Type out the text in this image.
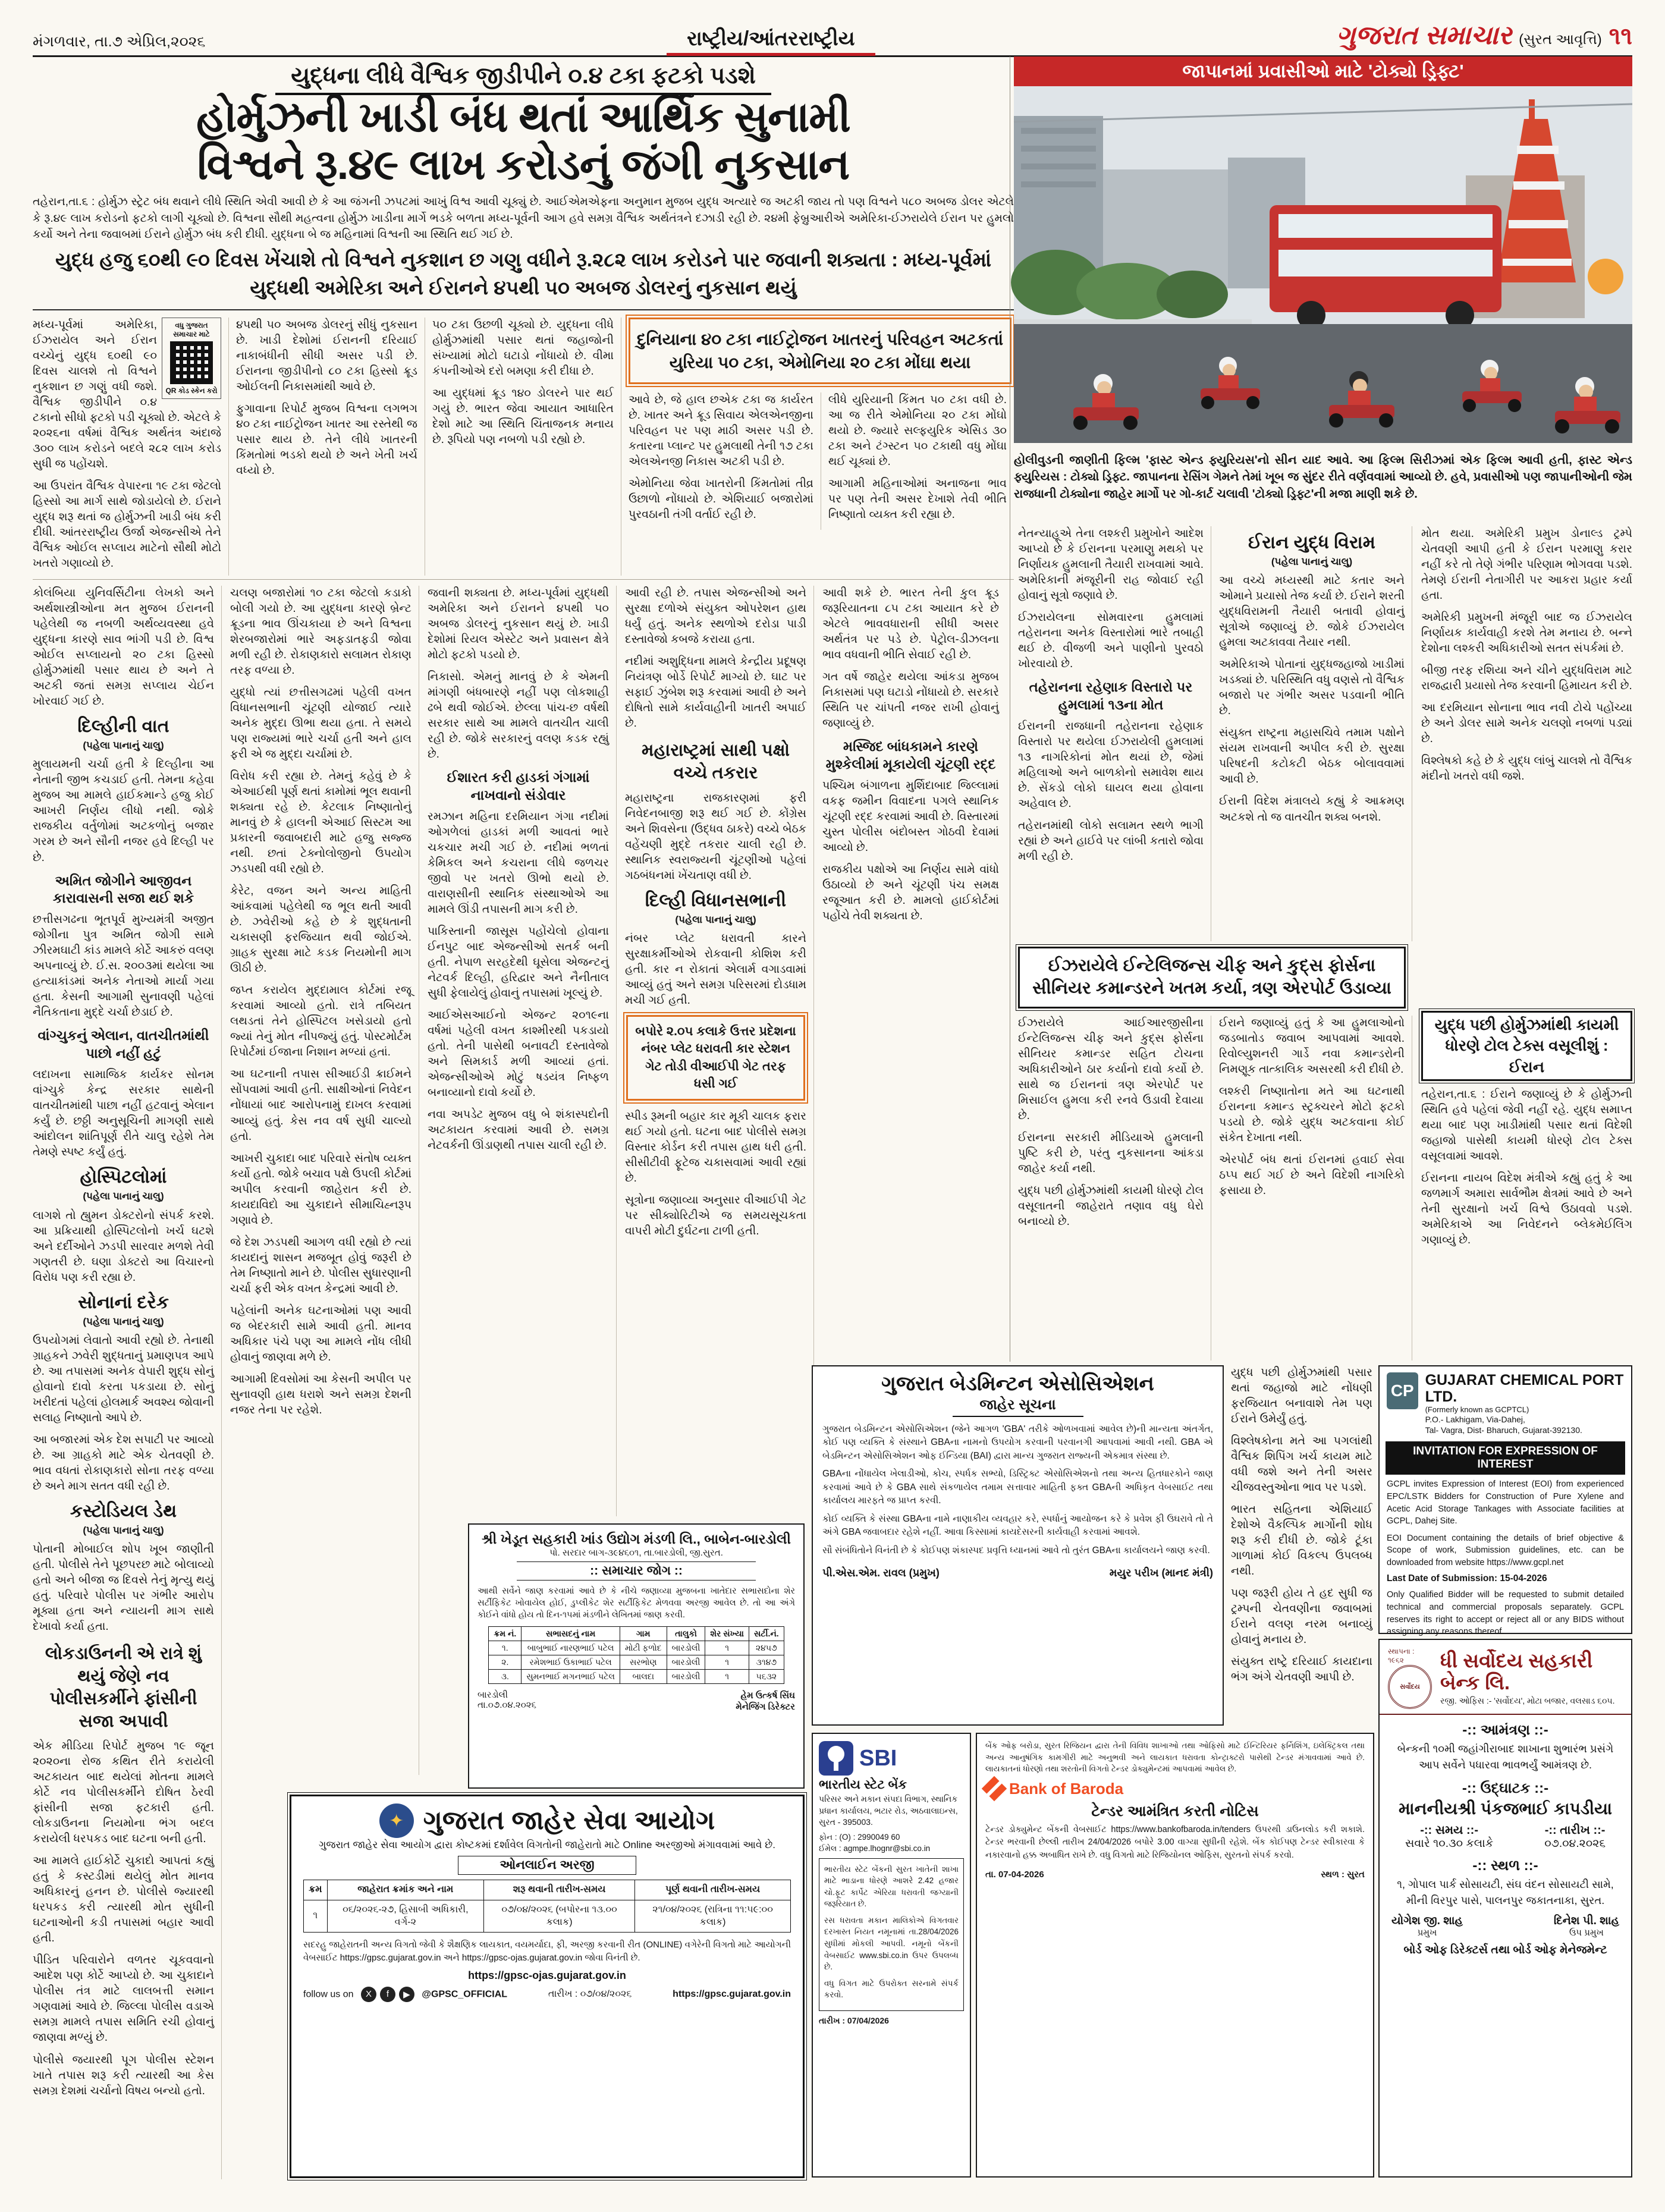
મંગળવાર, તા.૭ એપ્રિલ,૨૦૨૬	રાષ્ટ્રીય/આંતરરાષ્ટ્રીય	ગુજરાત સમાચાર (સુરત આવૃત્તિ) ૧૧
યુદ્ધના લીધે વૈશ્વિક જીડીપીને ૦.૪ ટકા ફટકો પડશે
હોર્મુઝની ખાડી બંધ થતાં આર્થિક સુનામી
વિશ્વને રૂ.૪૯ લાખ કરોડનું જંગી નુકસાન
તહેરાન,તા.૬ : હોર્મુઝ સ્ટ્રેટ બંધ થવાને લીધે સ્થિતિ એવી આવી છે કે આ જંગની ઝપટમાં આખું વિશ્વ આવી ચૂક્યું છે. આઈએમએફના અનુમાન મુજબ યુદ્ધ અત્યારે જ અટકી જાય તો પણ વિશ્વને ૫૮૦ અબજ ડોલર એટલે કે રૂ.૪૯ લાખ કરોડનો ફટકો લાગી ચૂક્યો છે. વિશ્વના સૌથી મહત્વના હોર્મુઝ ખાડીના માર્ગે ભડકે બળતા મધ્ય-પૂર્વની આગ હવે સમગ્ર વૈશ્વિક અર્થતંત્રને દઝાડી રહી છે. ૨૪મી ફેબ્રુઆરીએ અમેરિકા-ઈઝરાયેલે ઈરાન પર હુમલો કર્યો અને તેના જવાબમાં ઈરાને હોર્મુઝ બંધ કરી દીધી. યુદ્ધના બે જ મહિનામાં વિશ્વની આ સ્થિતિ થઈ ગઈ છે.
યુદ્ધ હજુ ૬૦થી ૯૦ દિવસ ખેંચાશે તો વિશ્વને નુકશાન છ ગણુ વધીને રૂ.૨૮૨ લાખ કરોડને પાર જવાની શક્યતા : મધ્ય-પૂર્વમાં યુદ્ધથી અમેરિકા અને ઈરાનને ૪૫થી ૫૦ અબજ ડોલરનું નુકસાન થયું
વધુ ગુજરાત સમાચાર માટે
QR કોડ સ્કેન કરો

મધ્ય-પૂર્વમાં અમેરિકા, ઈઝરાયેલ અને ઈરાન વચ્ચેનું યુદ્ધ ૬૦થી ૯૦ દિવસ ચાલશે તો વિશ્વને નુકશાન છ ગણું વધી જશે. વૈશ્વિક જીડીપીને ૦.૪ ટકાનો સીધો ફટકો પડી ચૂક્યો છે. એટલે કે ૨૦૨૬ના વર્ષમાં વૈશ્વિક અર્થતંત્ર અંદાજે ૩૦૦ લાખ કરોડને બદલે ૨૮૨ લાખ કરોડ સુધી જ પહોંચશે.

આ ઉપરાંત વૈશ્વિક વેપારના ૧૯ ટકા જેટલો હિસ્સો આ માર્ગ સાથે જોડાયેલો છે. ઈરાને યુદ્ધ શરૂ થતાં જ હોર્મુઝની ખાડી બંધ કરી દીધી. આંતરરાષ્ટ્રીય ઉર્જા એજન્સીએ તેને વૈશ્વિક ઓઈલ સપ્લાય માટેનો સૌથી મોટો ખતરો ગણાવ્યો છે.

૪૫થી ૫૦ અબજ ડોલરનું સીધું નુકસાન છે. ખાડી દેશોમાં ઈરાનની દરિયાઈ નાકાબંધીની સીધી અસર પડી છે. ઈરાનના જીડીપીનો ૮૦ ટકા હિસ્સો ક્રૂડ ઓઈલની નિકાસમાંથી આવે છે.

ફુગાવાના રિપોર્ટ મુજબ વિશ્વના લગભગ ૪૦ ટકા નાઈટ્રોજન ખાતર આ રસ્તેથી જ પસાર થાય છે. તેને લીધે ખાતરની કિંમતોમાં ભડકો થયો છે અને ખેતી ખર્ચ વધ્યો છે.

૫૦ ટકા ઉછળી ચૂક્યો છે. યુદ્ધના લીધે હોર્મુઝમાંથી પસાર થતાં જહાજોની સંખ્યામાં મોટો ઘટાડો નોંધાયો છે. વીમા કંપનીઓએ દરો બમણા કરી દીધા છે.

આ યુદ્ધમાં ક્રૂડ ૧૪૦ ડોલરને પાર થઈ ગયું છે. ભારત જેવા આયાત આધારિત દેશો માટે આ સ્થિતિ ચિંતાજનક મનાય છે. રૂપિયો પણ નબળો પડી રહ્યો છે.

દુનિયાના ૪૦ ટકા નાઈટ્રોજન ખાતરનું પરિવહન અટકતાં યુરિયા ૫૦ ટકા, એમોનિયા ૨૦ ટકા મોંઘા થયા

આવે છે, જે હાલ છએક ટકા જ કાર્યરત છે. ખાતર અને ક્રૂડ સિવાય એલએનજીના પરિવહન પર પણ માઠી અસર પડી છે. કતારના પ્લાન્ટ પર હુમલાથી તેની ૧૭ ટકા એલએનજી નિકાસ અટકી પડી છે.

એમોનિયા જેવા ખાતરોની કિંમતોમાં તીવ્ર ઉછાળો નોંધાયો છે. એશિયાઈ બજારોમાં પુરવઠાની તંગી વર્તાઈ રહી છે.

લીધે યુરિયાની કિંમત ૫૦ ટકા વધી છે. આ જ રીતે એમોનિયા ૨૦ ટકા મોંઘો થયો છે. જ્યારે સલ્ફયુરિક એસિડ ૩૦ ટકા અને ટંગ્સ્ટન ૫૦ ટકાથી વધુ મોંઘા થઈ ચૂક્યાં છે.

આગામી મહિનાઓમાં અનાજના ભાવ પર પણ તેની અસર દેખાશે તેવી ભીતિ નિષ્ણાતો વ્યક્ત કરી રહ્યા છે.

જાપાનમાં પ્રવાસીઓ માટે 'ટોક્યો ડ્રિફ્ટ'
હોલીવુડની જાણીતી ફિલ્મ 'ફાસ્ટ એન્ડ ફ્યુરિયસ'નો સીન યાદ આવે. આ ફિલ્મ સિરીઝમાં એક ફિલ્મ આવી હતી, ફાસ્ટ એન્ડ ફ્યુરિયસ : ટોક્યો ડ્રિફ્ટ. જાપાનના રેસિંગ ગેમને તેમાં ખૂબ જ સુંદર રીતે વર્ણવવામાં આવ્યો છે. હવે, પ્રવાસીઓ પણ જાપાનીઓની જેમ રાજધાની ટોક્યોના જાહેર માર્ગો પર ગો-કાર્ટ ચલાવી 'ટોક્યો ડ્રિફ્ટ'ની મજા માણી શકે છે.

કોલંબિયા યુનિવર્સિટીના લેખકો અને અર્થશાસ્ત્રીઓના મત મુજબ ઈરાનની પહેલેથી જ નબળી અર્થવ્યવસ્થા હવે યુદ્ધના કારણે સાવ ભાંગી પડી છે. વિશ્વ ઓઈલ સપ્લાયનો ૨૦ ટકા હિસ્સો હોર્મુઝમાંથી પસાર થાય છે અને તે અટકી જતાં સમગ્ર સપ્લાય ચેઈન ખોરવાઈ ગઈ છે.

દિલ્હીની વાત
(પહેલા પાનાનું ચાલુ)

મુલાયમની ચર્ચા હતી કે દિલ્હીના આ નેતાની જીભ કચડાઈ હતી. તેમના કહેવા મુજબ આ મામલે હાઈકમાન્ડે હજુ કોઈ આખરી નિર્ણય લીધો નથી. જોકે રાજકીય વર્તુળોમાં અટકળોનું બજાર ગરમ છે અને સૌની નજર હવે દિલ્હી પર છે.

અમિત જોગીને આજીવન કારાવાસની સજા થઈ શકે

છત્તીસગઢના ભૂતપૂર્વ મુખ્યમંત્રી અજીત જોગીના પુત્ર અમિત જોગી સામે ઝીરમઘાટી કાંડ મામલે કોર્ટે આકરું વલણ અપનાવ્યું છે. ઈ.સ. ૨૦૦૩માં થયેલા આ હત્યાકાંડમાં અનેક નેતાઓ માર્યા ગયા હતા. કેસની આગામી સુનાવણી પહેલાં નૈતિકતાના મુદ્દે ચર્ચા છેડાઈ છે.

વાંગ્ચુકનું એલાન, વાતચીતમાંથી પાછો નહીં હટું

લદાખના સામાજિક કાર્યકર સોનમ વાંગ્ચુકે કેન્દ્ર સરકાર સાથેની વાતચીતમાંથી પાછા નહીં હટવાનું એલાન કર્યું છે. છઠ્ઠી અનુસૂચિની માગણી સાથે આંદોલન શાંતિપૂર્ણ રીતે ચાલુ રહેશે તેમ તેમણે સ્પષ્ટ કર્યું હતું.

હોસ્પિટલોમાં
(પહેલા પાનાનું ચાલુ)

લાગશે તો હ્યુમન ડોક્ટરોનો સંપર્ક કરશે. આ પ્રક્રિયાથી હોસ્પિટલોનો ખર્ચ ઘટશે અને દર્દીઓને ઝડપી સારવાર મળશે તેવી ગણતરી છે. ઘણા ડોક્ટરો આ વિચારનો વિરોધ પણ કરી રહ્યા છે.

સોનાનાં દરેક
(પહેલા પાનાનું ચાલુ)

ઉપયોગમાં લેવાતો આવી રહ્યો છે. તેનાથી ગ્રાહકને ઝવેરી શુદ્ધતાનું પ્રમાણપત્ર આપે છે. આ તપાસમાં અનેક વેપારી શુદ્ધ સોનું હોવાનો દાવો કરતા પકડાયા છે. સોનું ખરીદતાં પહેલાં હોલમાર્ક અવશ્ય જોવાની સલાહ નિષ્ણાતો આપે છે.

આ બજારમાં એક દેશ સપાટી પર આવ્યો છે. આ ગ્રાહકો માટે એક ચેતવણી છે. ભાવ વધતાં રોકાણકારો સોના તરફ વળ્યા છે અને માગ સતત વધી રહી છે.

કસ્ટોડિયલ ડેથ
(પહેલા પાનાનું ચાલુ)

પોતાની મોબાઈલ શોપ ખૂબ જાણીતી હતી. પોલીસે તેને પૂછપરછ માટે બોલાવ્યો હતો અને બીજા જ દિવસે તેનું મૃત્યુ થયું હતું. પરિવારે પોલીસ પર ગંભીર આરોપ મૂક્યા હતા અને ન્યાયની માગ સાથે દેખાવો કર્યા હતા.

લોકડાઉનની એ રાત્રે શું થયું જેણે નવ પોલીસકર્મીને ફાંસીની સજા અપાવી

એક મીડિયા રિપોર્ટ મુજબ ૧૯ જૂન ૨૦૨૦ના રોજ કથિત રીતે કરાયેલી અટકાયત બાદ થયેલાં મોતના મામલે કોર્ટે નવ પોલીસકર્મીને દોષિત ઠેરવી ફાંસીની સજા ફટકારી હતી. લોકડાઉનના નિયમોના ભંગ બદલ કરાયેલી ધરપકડ બાદ ઘટના બની હતી.

આ મામલે હાઈકોર્ટે ચુકાદો આપતાં કહ્યું હતું કે કસ્ટડીમાં થયેલું મોત માનવ અધિકારનું હનન છે. પોલીસે જ્યારથી ધરપકડ કરી ત્યારથી મોત સુધીની ઘટનાઓની કડી તપાસમાં બહાર આવી હતી.

પીડિત પરિવારોને વળતર ચૂકવવાનો આદેશ પણ કોર્ટે આપ્યો છે. આ ચુકાદાને પોલીસ તંત્ર માટે લાલબત્તી સમાન ગણવામાં આવે છે. જિલ્લા પોલીસ વડાએ સમગ્ર મામલે તપાસ સમિતિ રચી હોવાનું જાણવા મળ્યું છે.

પોલીસે જયારથી પૂગ પોલીસ સ્ટેશન ખાતે તપાસ શરૂ કરી ત્યારથી આ કેસ સમગ્ર દેશમાં ચર્ચાનો વિષય બન્યો હતો.

ચલણ બજારોમાં ૧૦ ટકા જેટલો કડાકો બોલી ગયો છે. આ યુદ્ધના કારણે બ્રેન્ટ ક્રૂડના ભાવ ઊંચકાયા છે અને વિશ્વના શેરબજારોમાં ભારે અફડાતફડી જોવા મળી રહી છે. રોકાણકારો સલામત રોકાણ તરફ વળ્યા છે.

યુદ્ધો ત્યાં છત્તીસગઢમાં પહેલી વખત વિધાનસભાની ચૂંટણી યોજાઈ ત્યારે અનેક મુદ્દા ઊભા થયા હતા. તે સમયે પણ રાજ્યમાં ભારે ચર્ચા હતી અને હાલ ફરી એ જ મુદ્દા ચર્ચામાં છે.

વિરોધ કરી રહ્યા છે. તેમનું કહેવું છે કે એઆઈથી પૂર્ણ થતાં કામોમાં ભૂલ થવાની શક્યતા રહે છે. કેટલાક નિષ્ણાતોનું માનવું છે કે હાલની એઆઈ સિસ્ટમ આ પ્રકારની જવાબદારી માટે હજુ સજ્જ નથી. છતાં ટેક્નોલોજીનો ઉપયોગ ઝડપથી વધી રહ્યો છે.

કેરેટ, વજન અને અન્ય માહિતી આંકવામાં પહેલેથી જ ભૂલ થતી આવી છે. ઝવેરીઓ કહે છે કે શુદ્ધતાની ચકાસણી ફરજિયાત થવી જોઈએ. ગ્રાહક સુરક્ષા માટે કડક નિયમોની માગ ઊઠી છે.

જપ્ત કરાયેલ મુદ્દામાલ કોર્ટમાં રજૂ કરવામાં આવ્યો હતો. રાત્રે તબિયત લથડતાં તેને હોસ્પિટલ ખસેડાયો હતો જ્યાં તેનું મોત નીપજ્યું હતું. પોસ્ટમોર્ટમ રિપોર્ટમાં ઈજાના નિશાન મળ્યાં હતાં.

આ ઘટનાની તપાસ સીઆઈડી ક્રાઈમને સોંપવામાં આવી હતી. સાક્ષીઓનાં નિવેદન નોંધાયાં બાદ આરોપનામું દાખલ કરવામાં આવ્યું હતું. કેસ નવ વર્ષ સુધી ચાલ્યો હતો.

આખરી ચુકાદા બાદ પરિવારે સંતોષ વ્યક્ત કર્યો હતો. જોકે બચાવ પક્ષે ઉપલી કોર્ટમાં અપીલ કરવાની જાહેરાત કરી છે. કાયદાવિદો આ ચુકાદાને સીમાચિહ્નરૂપ ગણાવે છે.

જે દેશ ઝડપથી આગળ વધી રહ્યો છે ત્યાં કાયદાનું શાસન મજબૂત હોવું જરૂરી છે તેમ નિષ્ણાતો માને છે. પોલીસ સુધારણાની ચર્ચા ફરી એક વખત કેન્દ્રમાં આવી છે.

પહેલાંની અનેક ઘટનાઓમાં પણ આવી જ બેદરકારી સામે આવી હતી. માનવ અધિકાર પંચે પણ આ મામલે નોંધ લીધી હોવાનું જાણવા મળે છે.

આગામી દિવસોમાં આ કેસની અપીલ પર સુનાવણી હાથ ધરાશે અને સમગ્ર દેશની નજર તેના પર રહેશે.

જવાની શક્યતા છે. મધ્ય-પૂર્વમાં યુદ્ધથી અમેરિકા અને ઈરાનને ૪૫થી ૫૦ અબજ ડોલરનું નુકસાન થયું છે. ખાડી દેશોમાં રિયલ એસ્ટેટ અને પ્રવાસન ક્ષેત્રે મોટો ફટકો પડયો છે.

નિકાસો. એમનું માનવું છે કે એમની માંગણી બંધબારણે નહીં પણ લોકશાહી ઢબે થવી જોઈએ. છેલ્લા પાંચ-છ વર્ષથી સરકાર સાથે આ મામલે વાતચીત ચાલી રહી છે. જોકે સરકારનું વલણ કડક રહ્યું છે.

ઈશારત કરી હાડકાં ગંગામાં નાખવાનો સંડોવાર

રમઝાન મહિના દરમિયાન ગંગા નદીમાં ઓગળેલાં હાડકાં મળી આવતાં ભારે ચકચાર મચી ગઈ છે. નદીમાં ભળતાં કેમિકલ અને કચરાના લીધે જળચર જીવો પર ખતરો ઊભો થયો છે. વારાણસીની સ્થાનિક સંસ્થાઓએ આ મામલે ઊંડી તપાસની માગ કરી છે.

પાકિસ્તાની જાસૂસ પહોંચેલો હોવાના ઈનપુટ બાદ એજન્સીઓ સતર્ક બની હતી. નેપાળ સરહદેથી ઘૂસેલા એજન્ટનું નેટવર્ક દિલ્હી, હરિદ્વાર અને નૈનીતાલ સુધી ફેલાયેલું હોવાનું તપાસમાં ખૂલ્યું છે.

આઈએસઆઈનો એજન્ટ ૨૦૧૯ના વર્ષમાં પહેલી વખત કાશ્મીરથી પકડાયો હતો. તેની પાસેથી બનાવટી દસ્તાવેજો અને સિમકાર્ડ મળી આવ્યાં હતાં. એજન્સીઓએ મોટું ષડયંત્ર નિષ્ફળ બનાવ્યાનો દાવો કર્યો છે.

નવા અપડેટ મુજબ વધુ બે શંકાસ્પદોની અટકાયત કરવામાં આવી છે. સમગ્ર નેટવર્કની ઊંડાણથી તપાસ ચાલી રહી છે.

આવી રહી છે. તપાસ એજન્સીઓ અને સુરક્ષા દળોએ સંયુક્ત ઓપરેશન હાથ ધર્યું હતું. અનેક સ્થળોએ દરોડા પાડી દસ્તાવેજો કબજે કરાયા હતા.

નદીમાં અશુદ્ધિના મામલે કેન્દ્રીય પ્રદૂષણ નિયંત્રણ બોર્ડે રિપોર્ટ માગ્યો છે. ઘાટ પર સફાઈ ઝુંબેશ શરૂ કરવામાં આવી છે અને દોષિતો સામે કાર્યવાહીની ખાતરી અપાઈ છે.

મહારાષ્ટ્રમાં સાથી પક્ષો વચ્ચે તકરાર

મહારાષ્ટ્રના રાજકારણમાં ફરી નિવેદનબાજી શરૂ થઈ ગઈ છે. કોંગ્રેસ અને શિવસેના (ઉદ્ધવ ઠાકરે) વચ્ચે બેઠક વહેંચણી મુદ્દે તકરાર ચાલી રહી છે. સ્થાનિક સ્વરાજ્યની ચૂંટણીઓ પહેલાં ગઠબંધનમાં ખેંચતાણ વધી છે.

દિલ્હી વિધાનસભાની
(પહેલા પાનાનું ચાલુ)

નંબર પ્લેટ ધરાવતી કારને સુરક્ષાકર્મીઓએ રોકવાની કોશિશ કરી હતી. કાર ન રોકાતાં એલાર્મ વગાડવામાં આવ્યું હતું અને સમગ્ર પરિસરમાં દોડધામ મચી ગઈ હતી.

બપોરે ૨.૦૫ કલાકે ઉત્તર પ્રદેશના નંબર પ્લેટ ધરાવતી કાર સ્ટેશન ગેટ તોડી વીઆઈપી ગેટ તરફ ધસી ગઈ

સ્પીડ રૂમની બહાર કાર મૂકી ચાલક ફરાર થઈ ગયો હતો. ઘટના બાદ પોલીસે સમગ્ર વિસ્તાર કોર્ડન કરી તપાસ હાથ ધરી હતી. સીસીટીવી ફૂટેજ ચકાસવામાં આવી રહ્યાં છે.

સૂત્રોના જણાવ્યા અનુસાર વીઆઈપી ગેટ પર સીક્યોરિટીએ જ સમયસૂચકતા વાપરી મોટી દુર્ઘટના ટાળી હતી.

આવી શકે છે. ભારત તેની કુલ ક્રૂડ જરૂરિયાતના ૮૫ ટકા આયાત કરે છે એટલે ભાવવધારાની સીધી અસર અર્થતંત્ર પર પડે છે. પેટ્રોલ-ડીઝલના ભાવ વધવાની ભીતિ સેવાઈ રહી છે.

ગત વર્ષે જાહેર થયેલા આંકડા મુજબ નિકાસમાં પણ ઘટાડો નોંધાયો છે. સરકારે સ્થિતિ પર ચાંપતી નજર રાખી હોવાનું જણાવ્યું છે.

મસ્જિદ બાંધકામને કારણે મુશ્કેલીમાં મૂકાયેલી ચૂંટણી રદ્દ

પશ્ચિમ બંગાળના મુર્શિદાબાદ જિલ્લામાં વકફ જમીન વિવાદના પગલે સ્થાનિક ચૂંટણી રદ્દ કરવામાં આવી છે. વિસ્તારમાં ચુસ્ત પોલીસ બંદોબસ્ત ગોઠવી દેવામાં આવ્યો છે.

રાજકીય પક્ષોએ આ નિર્ણય સામે વાંધો ઉઠાવ્યો છે અને ચૂંટણી પંચ સમક્ષ રજૂઆત કરી છે. મામલો હાઈકોર્ટમાં પહોંચે તેવી શક્યતા છે.

નેતન્યાહૂએ તેના લશ્કરી પ્રમુખોને આદેશ આપ્યો છે કે ઈરાનના પરમાણુ મથકો પર નિર્ણાયક હુમલાની તૈયારી રાખવામાં આવે. અમેરિકાની મંજૂરીની રાહ જોવાઈ રહી હોવાનું સૂત્રો જણાવે છે.

ઈઝરાયેલના સોમવારના હુમલામાં તહેરાનના અનેક વિસ્તારોમાં ભારે તબાહી થઈ છે. વીજળી અને પાણીનો પુરવઠો ખોરવાયો છે.

તહેરાનના રહેણાક વિસ્તારો પર હુમલામાં ૧૩ના મોત

ઈરાનની રાજધાની તહેરાનના રહેણાક વિસ્તારો પર થયેલા ઈઝરાયેલી હુમલામાં ૧૩ નાગરિકોનાં મોત થયાં છે, જેમાં મહિલાઓ અને બાળકોનો સમાવેશ થાય છે. સેંકડો લોકો ઘાયલ થયા હોવાના અહેવાલ છે.

તહેરાનમાંથી લોકો સલામત સ્થળે ભાગી રહ્યાં છે અને હાઈવે પર લાંબી કતારો જોવા મળી રહી છે.

ઈરાન યુદ્ધ વિરામ
(પહેલા પાનાનું ચાલુ)

આ વચ્ચે મધ્યસ્થી માટે કતાર અને ઓમાને પ્રયાસો તેજ કર્યા છે. ઈરાને શરતી યુદ્ધવિરામની તૈયારી બતાવી હોવાનું સૂત્રોએ જણાવ્યું છે. જોકે ઈઝરાયેલ હુમલા અટકાવવા તૈયાર નથી.

અમેરિકાએ પોતાનાં યુદ્ધજહાજો ખાડીમાં ખડક્યાં છે. પરિસ્થિતિ વધુ વણસે તો વૈશ્વિક બજારો પર ગંભીર અસર પડવાની ભીતિ છે.

સંયુક્ત રાષ્ટ્રના મહાસચિવે તમામ પક્ષોને સંયમ રાખવાની અપીલ કરી છે. સુરક્ષા પરિષદની કટોકટી બેઠક બોલાવવામાં આવી છે.

ઈરાની વિદેશ મંત્રાલયે કહ્યું કે આક્રમણ અટકશે તો જ વાતચીત શક્ય બનશે.

મોત થયા. અમેરિકી પ્રમુખ ડોનાલ્ડ ટ્રમ્પે ચેતવણી આપી હતી કે ઈરાન પરમાણુ કરાર નહીં કરે તો તેણે ગંભીર પરિણામ ભોગવવા પડશે. તેમણે ઈરાની નેતાગીરી પર આકરા પ્રહાર કર્યા હતા.

અમેરિકી પ્રમુખની મંજૂરી બાદ જ ઈઝરાયેલ નિર્ણાયક કાર્યવાહી કરશે તેમ મનાય છે. બન્ને દેશોના લશ્કરી અધિકારીઓ સતત સંપર્કમાં છે.

બીજી તરફ રશિયા અને ચીને યુદ્ધવિરામ માટે રાજદ્વારી પ્રયાસો તેજ કરવાની હિમાયત કરી છે.

આ દરમિયાન સોનાના ભાવ નવી ટોચે પહોંચ્યા છે અને ડોલર સામે અનેક ચલણો નબળાં પડ્યાં છે.

વિશ્લેષકો કહે છે કે યુદ્ધ લાંબું ચાલશે તો વૈશ્વિક મંદીનો ખતરો વધી જશે.

ઈઝરાયેલે ઈન્ટેલિજન્સ ચીફ અને કુદ્સ ફોર્સના સીનિયર કમાન્ડરને ખતમ કર્યા, ત્રણ એરપોર્ટ ઉડાવ્યા

ઈઝરાયેલે આઈઆરજીસીના ઈન્ટેલિજન્સ ચીફ અને કુદ્સ ફોર્સના સીનિયર કમાન્ડર સહિત ટોચના અધિકારીઓને ઠાર કર્યાનો દાવો કર્યો છે. સાથે જ ઈરાનનાં ત્રણ એરપોર્ટ પર મિસાઈલ હુમલા કરી રનવે ઉડાવી દેવાયા છે.

ઈરાનના સરકારી મીડિયાએ હુમલાની પુષ્ટિ કરી છે, પરંતુ નુકસાનના આંકડા જાહેર કર્યા નથી.

યુદ્ધ પછી હોર્મુઝમાંથી કાયમી ધોરણે ટોલ વસૂલાતની જાહેરાતે તણાવ વધુ ઘેરો બનાવ્યો છે.

ઈરાને જણાવ્યું હતું કે આ હુમલાઓનો જડબાતોડ જવાબ આપવામાં આવશે. રિવોલ્યુશનરી ગાર્ડે નવા કમાન્ડરોની નિમણૂક તાત્કાલિક અસરથી કરી દીધી છે.

લશ્કરી નિષ્ણાતોના મતે આ ઘટનાથી ઈરાનના કમાન્ડ સ્ટ્રક્ચરને મોટો ફટકો પડયો છે. જોકે યુદ્ધ અટકવાના કોઈ સંકેત દેખાતા નથી.

એરપોર્ટ બંધ થતાં ઈરાનમાં હવાઈ સેવા ઠપ્પ થઈ ગઈ છે અને વિદેશી નાગરિકો ફસાયા છે.

યુદ્ધ પછી હોર્મુઝમાંથી કાયમી ધોરણે ટોલ ટેક્સ વસૂલીશું : ઈરાન

તહેરાન,તા.૬ : ઈરાને જણાવ્યું છે કે હોર્મુઝની સ્થિતિ હવે પહેલાં જેવી નહીં રહે. યુદ્ધ સમાપ્ત થયા બાદ પણ ખાડીમાંથી પસાર થતાં વિદેશી જહાજો પાસેથી કાયમી ધોરણે ટોલ ટેક્સ વસૂલવામાં આવશે.

ઈરાનના નાયબ વિદેશ મંત્રીએ કહ્યું હતું કે આ જળમાર્ગ અમારા સાર્વભૌમ ક્ષેત્રમાં આવે છે અને તેની સુરક્ષાનો ખર્ચ વિશ્વે ઉઠાવવો પડશે. અમેરિકાએ આ નિવેદનને બ્લેકમેઈલિંગ ગણાવ્યું છે.

યુદ્ધ પછી હોર્મુઝમાંથી પસાર થતાં જહાજો માટે નોંધણી ફરજિયાત બનાવાશે તેમ પણ ઈરાને ઉમેર્યું હતું.

વિશ્લેષકોના મતે આ પગલાંથી વૈશ્વિક શિપિંગ ખર્ચ કાયમ માટે વધી જશે અને તેની અસર ચીજવસ્તુઓના ભાવ પર પડશે.

ભારત સહિતના એશિયાઈ દેશોએ વૈકલ્પિક માર્ગોની શોધ શરૂ કરી દીધી છે. જોકે ટૂંકા ગાળામાં કોઈ વિકલ્પ ઉપલબ્ધ નથી.

પણ જરૂરી હોય તે હદ સુધી જ ટ્રમ્પની ચેતવણીના જવાબમાં ઈરાને વલણ નરમ બનાવ્યું હોવાનું મનાય છે.

સંયુક્ત રાષ્ટ્રે દરિયાઈ કાયદાના ભંગ અંગે ચેતવણી આપી છે.

ગુજરાત બેડમિન્ટન એસોસિએશન
જાહેર સૂચના

ગુજરાત બેડમિન્ટન એસોસિએશન (જેને આગળ 'GBA' તરીકે ઓળખવામાં આવેલ છે)ની માન્યતા અંતર્ગત, કોઈ પણ વ્યક્તિ કે સંસ્થાને GBAના નામનો ઉપયોગ કરવાની પરવાનગી આપવામાં આવી નથી. GBA એ બેડમિન્ટન એસોસિએશન ઓફ ઈન્ડિયા (BAI) દ્વારા માન્ય ગુજરાત રાજ્યની એકમાત્ર સંસ્થા છે.

GBAના નોંધાયેલ ખેલાડીઓ, કોચ, સ્પર્ધક સભ્યો, ડિસ્ટ્રિક્ટ એસોસિએશનો તથા અન્ય હિતધારકોને જાણ કરવામાં આવે છે કે GBA સાથે સંકળાયેલ તમામ સત્તાવાર માહિતી ફક્ત GBAની અધિકૃત વેબસાઈટ તથા કાર્યાલય મારફતે જ પ્રાપ્ત કરવી.

કોઈ વ્યક્તિ કે સંસ્થા GBAના નામે નાણાકીય વ્યવહાર કરે, સ્પર્ધાનું આયોજન કરે કે પ્રવેશ ફી ઉઘરાવે તો તે અંગે GBA જવાબદાર રહેશે નહીં. આવા કિસ્સામાં કાયદેસરની કાર્યવાહી કરવામાં આવશે.

સૌ સંબંધિતોને વિનંતી છે કે કોઈપણ શંકાસ્પદ પ્રવૃત્તિ ધ્યાનમાં આવે તો તુરંત GBAના કાર્યાલયને જાણ કરવી.

પી.એસ.એમ. રાવલ (પ્રમુખ)	મયુર પરીખ (માનદ મંત્રી)
CP
GUJARAT CHEMICAL PORT LTD.
(Formerly known as GCPTCL)
P.O.- Lakhigam, Via-Dahej,
Tal- Vagra, Dist- Bharuch, Gujarat-392130.
INVITATION FOR EXPRESSION OF INTEREST
GCPL invites Expression of Interest (EOI) from experienced EPC/LSTK Bidders for Construction of Pure Xylene and Acetic Acid Storage Tankages with Associate facilities at GCPL, Dahej Site.
EOI Document containing the details of brief objective & Scope of work, Submission guidelines, etc. can be downloaded from website https://www.gcpl.net
Last Date of Submission: 15-04-2026
Only Qualified Bidder will be requested to submit detailed technical and commercial proposals separately. GCPL reserves its right to accept or reject all or any BIDS without assigning any reasons thereof.
સ્થાપના : ૧૯૬૨
સર્વોદય
ધી સર્વોદય સહકારી બેન્ક લિ.
રજી. ઓફિસ :- 'સર્વોદય', મોટા બજાર, વલસાડ ૬૦૫.
-:: આમંત્રણ ::-
બેન્કની ૧૦મી જહાંગીરાબાદ શાખાના શુભારંભ પ્રસંગે આપ સર્વેને પધારવા ભાવભર્યું આમંત્રણ છે.
-:: ઉદ્ઘાટક ::-
માનનીયશ્રી પંકજભાઈ કાપડીયા
-:: સમય ::-
સવારે ૧૦.૩૦ કલાકે
-:: તારીખ ::-
૦૭.૦૪.૨૦૨૬
-:: સ્થળ ::-
૧, ગોપાલ પાર્ક સોસાયટી, સંઘ વંદન સોસાયટી સામે, મીની વિરપુર પાસે, પાલનપુર જકાતનાકા, સુરત.
યોગેશ જી. શાહ
પ્રમુખ
દિનેશ પી. શાહ
ઉપ પ્રમુખ
બોર્ડ ઓફ ડિરેક્ટર્સ તથા બોર્ડ ઓફ મેનેજમેન્ટ
શ્રી ખેડૂત સહકારી ખાંડ ઉદ્યોગ મંડળી લિ., બાબેન-બારડોલી
પો. સરદાર બાગ-૩૯૪૬૦૧, તા.બારડોલી, જી.સુરત.
:: સમાચાર જોગ ::
આથી સર્વેને જાણ કરવામાં આવે છે કે નીચે જણાવ્યા મુજબના ખાતેદાર સભાસદોના શેર સર્ટીફિકેટ ખોવાયેલ હોઈ, ડુપ્લીકેટ શેર સર્ટીફિકેટ મેળવવા અરજી આવેલ છે. તો આ અંગે કોઈને વાંધો હોય તો દિન-૧૫માં મંડળીને લેખિતમાં જાણ કરવી.
ક્રમ નં.	સભાસદનું નામ	ગામ	તાલુકો	શેર સંખ્યા	સર્ટી.નં.
૧.	બાબુભાઈ નારણભાઈ પટેલ	મોટી ફળોદ	બારડોલી	૧	૨૪૫૭
૨.	રમેશભાઈ ઉકાભાઈ પટેલ	સરભોણ	બારડોલી	૧	૩૧૪૭
૩.	સુમનભાઈ મગનભાઈ પટેલ	બાલદા	બારડોલી	૧	૫૬૩૨
બારડોલી
તા.૦૭.૦૪.૨૦૨૬
હેમ ઉત્કર્ષ સિંઘ
મેનેજિંગ ડિરેક્ટર
✦ ગુજરાત જાહેર સેવા આયોગ
ગુજરાત જાહેર સેવા આયોગ દ્વારા કોષ્ટકમાં દર્શાવેલ વિગતોની જાહેરાતો માટે Online અરજીઓ મંગાવવામાં આવે છે.
ઓનલાઈન અરજી
ક્રમ	જાહેરાત ક્રમાંક અને નામ	શરૂ થવાની તારીખ-સમય	પૂર્ણ થવાની તારીખ-સમય
૧	૦૬/૨૦૨૬-૨૭, હિસાબી અધિકારી, વર્ગ-૨	૦૭/૦૪/૨૦૨૬ (બપોરના ૧૩.૦૦ કલાક)	૨૧/૦૪/૨૦૨૬ (રાત્રિના ૧૧:૫૯:૦૦ કલાક)
સદરહુ જાહેરાતની અન્ય વિગતો જેવી કે શૈક્ષણિક લાયકાત, વયમર્યાદા, ફી, અરજી કરવાની રીત (ONLINE) વગેરેની વિગતો માટે આયોગની વેબસાઈટ https://gpsc.gujarat.gov.in અને https://gpsc-ojas.gujarat.gov.in જોવા વિનંતી છે.
https://gpsc-ojas.gujarat.gov.in
follow us on	X	f	▶	@GPSC_OFFICIAL	તારીખ : ૦૭/૦૪/૨૦૨૬	https://gpsc.gujarat.gov.in
SBI
ભારતીય સ્ટેટ બેંક
પરિસર અને મકાન સંપદા વિભાગ, સ્થાનિક પ્રધાન કાર્યાલય, ભટાર રોડ, અઠવાલાઇન્સ, સુરત - 395003.
ફોન : (O) : 2990049 60
ઈમેલ : agmpe.lhognr@sbi.co.in

ભારતીય સ્ટેટ બેંકની સુરત ખાતેની શાખા માટે ભાડાના ધોરણે આશરે 2.42 હજાર ચો.ફૂટ કાર્પેટ એરિયા ધરાવતી જગ્યાની જરૂરિયાત છે.

રસ ધરાવતા મકાન માલિકોએ વિગતવાર દરખાસ્ત નિયત નમૂનામાં તા.28/04/2026 સુધીમાં મોકલી આપવી. નમૂનો બેંકની વેબસાઈટ www.sbi.co.in ઉપર ઉપલબ્ધ છે.

વધુ વિગત માટે ઉપરોક્ત સરનામે સંપર્ક કરવો.

તારીખ : 07/04/2026
બેંક ઓફ બરોડા, સુરત રિજિયન દ્વારા તેની વિવિધ શાખાઓ તથા ઓફિસો માટે ઈન્ટિરિયર ફર્નિશિંગ, ઇલેક્ટ્રિકલ તથા અન્ય આનુષંગિક કામગીરી માટે અનુભવી અને લાયકાત ધરાવતા કોન્ટ્રાક્ટરો પાસેથી ટેન્ડર મંગાવવામાં આવે છે. લાયકાતનાં ધોરણો તથા શરતોની વિગતો ટેન્ડર ડોક્યુમેન્ટમાં આપવામાં આવેલ છે.
Bank of Baroda
ટેન્ડર આમંત્રિત કરતી નોટિસ
ટેન્ડર ડોક્યુમેન્ટ બેંકની વેબસાઈટ https://www.bankofbaroda.in/tenders ઉપરથી ડાઉનલોડ કરી શકાશે. ટેન્ડર ભરવાની છેલ્લી તારીખ 24/04/2026 બપોરે 3.00 વાગ્યા સુધીની રહેશે. બેંક કોઈપણ ટેન્ડર સ્વીકારવા કે નકારવાનો હક્ક અબાધિત રાખે છે. વધુ વિગતો માટે રિજિયોનલ ઓફિસ, સુરતનો સંપર્ક કરવો.
તા. 07-04-2026	સ્થળ : સુરત
